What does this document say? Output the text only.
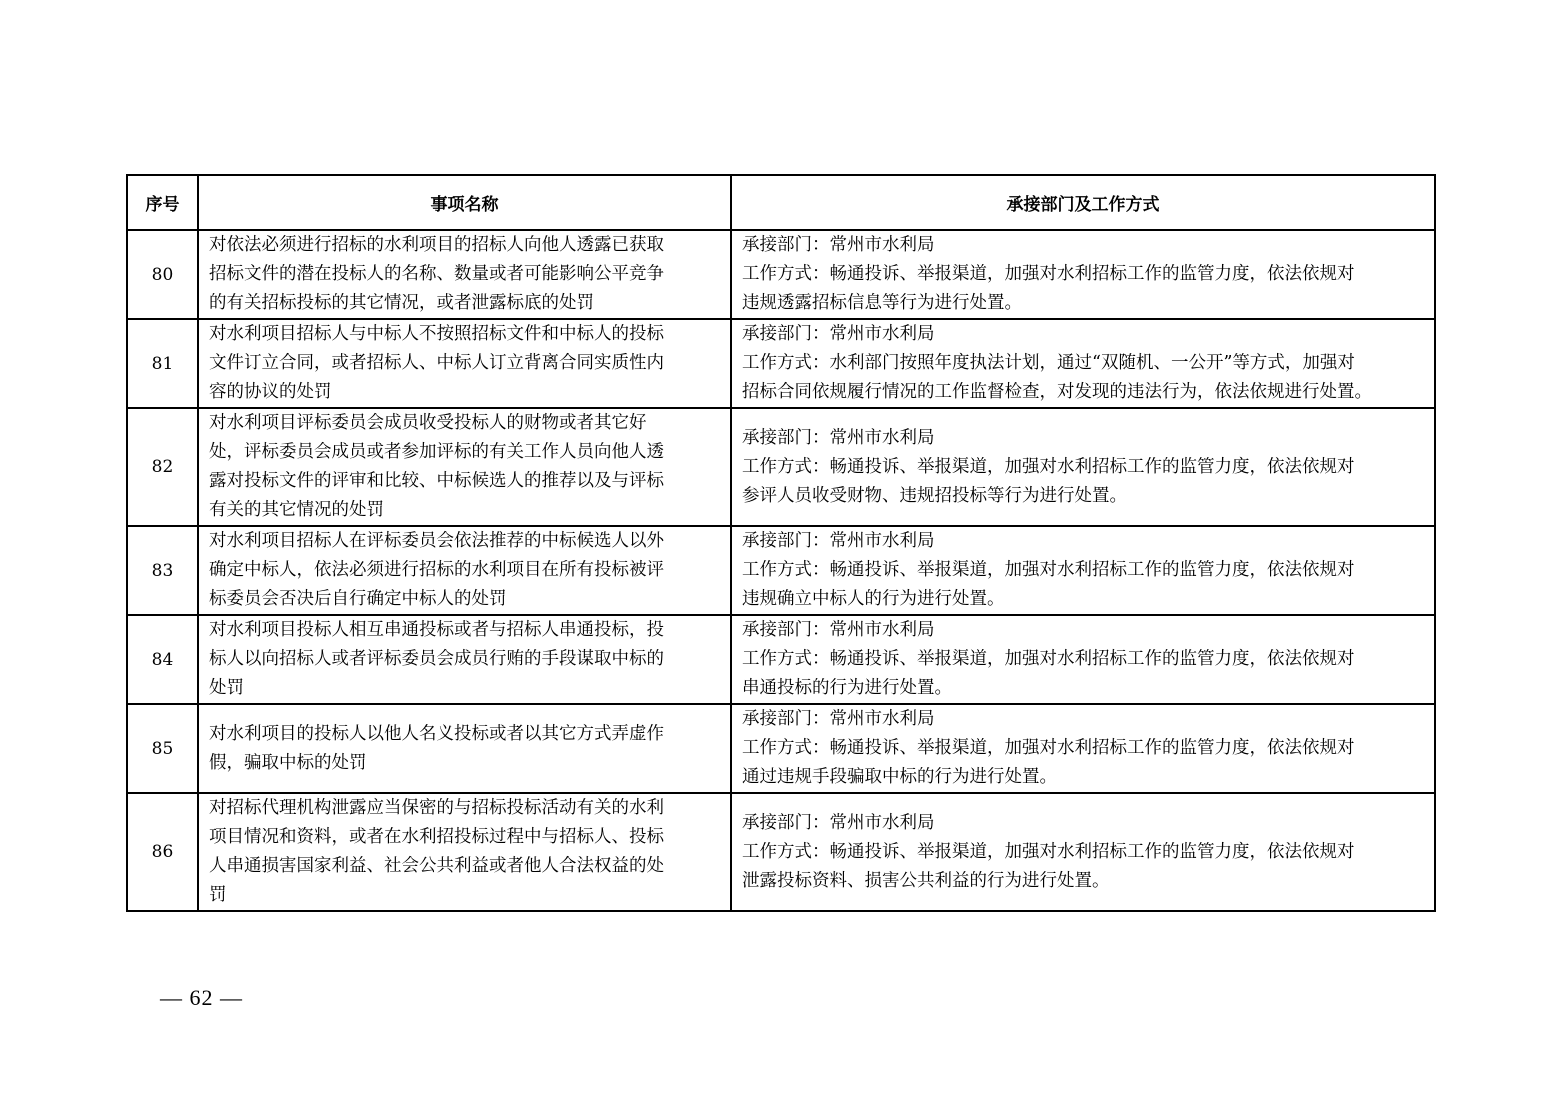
序号	事项名称	承接部门及工作方式
80	对依法必须进行招标的水利项目的招标人向他人透露已获取
招标文件的潜在投标人的名称、数量或者可能影响公平竞争
的有关招标投标的其它情况，或者泄露标底的处罚	承接部门：常州市水利局
工作方式：畅通投诉、举报渠道，加强对水利招标工作的监管力度，依法依规对
违规透露招标信息等行为进行处置。

81	对水利项目招标人与中标人不按照招标文件和中标人的投标
文件订立合同，或者招标人、中标人订立背离合同实质性内
容的协议的处罚	承接部门：常州市水利局
工作方式：水利部门按照年度执法计划，通过“双随机、一公开”等方式，加强对
招标合同依规履行情况的工作监督检查，对发现的违法行为，依法依规进行处置。

82	对水利项目评标委员会成员收受投标人的财物或者其它好
处，评标委员会成员或者参加评标的有关工作人员向他人透
露对投标文件的评审和比较、中标候选人的推荐以及与评标
有关的其它情况的处罚	承接部门：常州市水利局
工作方式：畅通投诉、举报渠道，加强对水利招标工作的监管力度，依法依规对
参评人员收受财物、违规招投标等行为进行处置。

83	对水利项目招标人在评标委员会依法推荐的中标候选人以外
确定中标人，依法必须进行招标的水利项目在所有投标被评
标委员会否决后自行确定中标人的处罚	承接部门：常州市水利局
工作方式：畅通投诉、举报渠道，加强对水利招标工作的监管力度，依法依规对
违规确立中标人的行为进行处置。

84	对水利项目投标人相互串通投标或者与招标人串通投标，投
标人以向招标人或者评标委员会成员行贿的手段谋取中标的
处罚	承接部门：常州市水利局
工作方式：畅通投诉、举报渠道，加强对水利招标工作的监管力度，依法依规对
串通投标的行为进行处置。

85	对水利项目的投标人以他人名义投标或者以其它方式弄虚作
假，骗取中标的处罚	承接部门：常州市水利局
工作方式：畅通投诉、举报渠道，加强对水利招标工作的监管力度，依法依规对
通过违规手段骗取中标的行为进行处置。

86	对招标代理机构泄露应当保密的与招标投标活动有关的水利
项目情况和资料，或者在水利招投标过程中与招标人、投标
人串通损害国家利益、社会公共利益或者他人合法权益的处
罚	承接部门：常州市水利局
工作方式：畅通投诉、举报渠道，加强对水利招标工作的监管力度，依法依规对
泄露投标资料、损害公共利益的行为进行处置。
— 62 —
